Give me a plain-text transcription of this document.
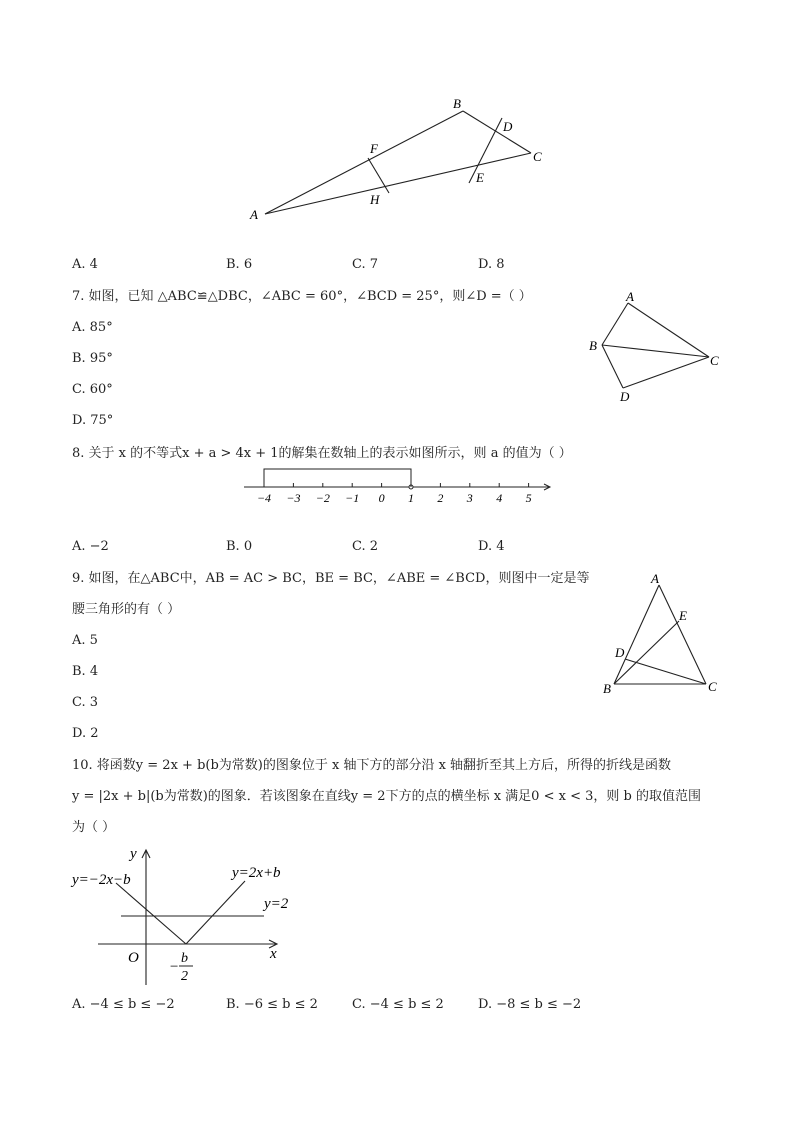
A
B
C
D
E
F
H
A. 4	B. 6	C. 7	D. 8
7. 如图，已知 △ABC≌△DBC，∠ABC = 60°，∠BCD = 25°，则∠D =（ ）
A. 85°
B. 95°
C. 60°
D. 75°
A
B
C
D
8. 关于 x 的不等式x + a > 4x + 1的解集在数轴上的表示如图所示，则 a 的值为（ ）
−4 −3 −2 −1 0 1 2 3 4 5
A. −2	B. 0	C. 2	D. 4
9. 如图，在△ABC中，AB = AC > BC，BE = BC，∠ABE = ∠BCD，则图中一定是等
腰三角形的有（ ）
A. 5
B. 4
C. 3
D. 2
A
E
D
B	C
10. 将函数y = 2x + b(b为常数)的图象位于 x 轴下方的部分沿 x 轴翻折至其上方后，所得的折线是函数
y = |2x + b|(b为常数)的图象．若该图象在直线y = 2下方的点的横坐标 x 满足0 < x < 3，则 b 的取值范围
为（ ）
y
x
O
y=−2x−b	y=2x+b
y=2
−
b
2
A. −4 ≤ b ≤ −2	B. −6 ≤ b ≤ 2	C. −4 ≤ b ≤ 2	D. −8 ≤ b ≤ −2
